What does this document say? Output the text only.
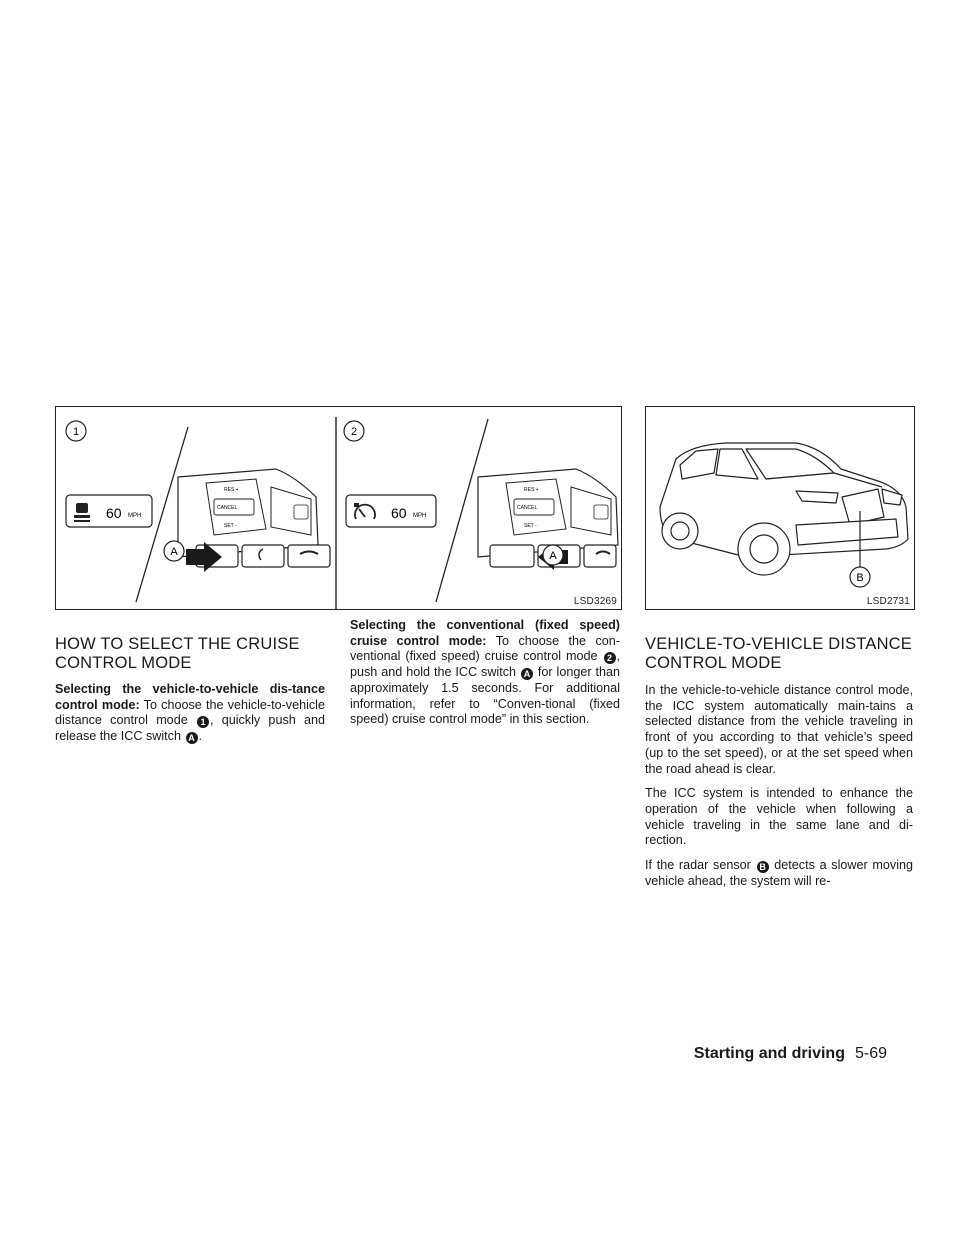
1	2
60 MPH
RES +
CANCEL
SET -
A
60 MPH
RES +
CANCEL
SET -
A
LSD3269
B
LSD2731
HOW TO SELECT THE CRUISE CONTROL MODE

Selecting the vehicle-to-vehicle dis-tance control mode: To choose the vehicle-to-vehicle distance control mode 1 , quickly push and release the ICC switch A .

Selecting the conventional (fixed speed) cruise control mode: To choose the con-ventional (fixed speed) cruise control mode 2 , push and hold the ICC switch A for longer than approximately 1.5 seconds. For additional information, refer to “Conven-tional (fixed speed) cruise control mode” in this section.

VEHICLE-TO-VEHICLE DISTANCE CONTROL MODE

In the vehicle-to-vehicle distance control mode, the ICC system automatically main-tains a selected distance from the vehicle traveling in front of you according to that vehicle’s speed (up to the set speed), or at the set speed when the road ahead is clear.

The ICC system is intended to enhance the operation of the vehicle when following a vehicle traveling in the same lane and di-rection.

If the radar sensor B detects a slower moving vehicle ahead, the system will re-

Starting and driving 5-69
